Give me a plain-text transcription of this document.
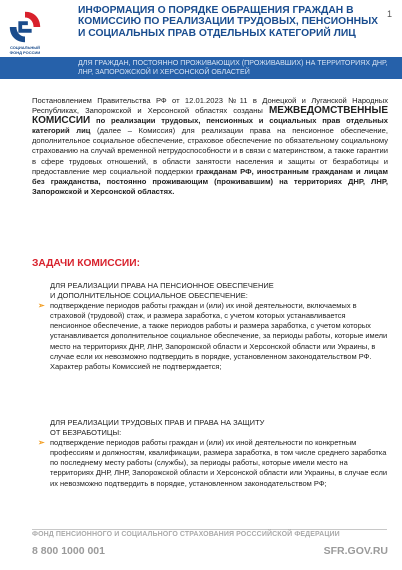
1
СОЦИАЛЬНЫЙ ФОНД РОССИИ
ИНФОРМАЦИЯ О ПОРЯДКЕ ОБРАЩЕНИЯ ГРАЖДАН В КОМИССИЮ ПО РЕАЛИЗАЦИИ ТРУДОВЫХ, ПЕНСИОННЫХ И СОЦИАЛЬНЫХ ПРАВ ОТДЕЛЬНЫХ КАТЕГОРИЙ ЛИЦ
ДЛЯ ГРАЖДАН, ПОСТОЯННО ПРОЖИВАЮЩИХ (ПРОЖИВАВШИХ) НА ТЕРРИТОРИЯХ ДНР, ЛНР, ЗАПОРОЖСКОЙ И ХЕРСОНСКОЙ ОБЛАСТЕЙ
Постановлением Правительства РФ от 12.01.2023 №11 в Донецкой и Луганской Народных Республиках, Запорожской и Херсонской областях созданы МЕЖВЕДОМСТВЕННЫЕ КОМИССИИ по реализации трудовых, пенсионных и социальных прав отдельных категорий лиц (далее – Комиссия) для реализации права на пенсионное обеспечение, дополнительное социальное обеспечение, страховое обеспечение по обязательному социальному страхованию на случай временной нетрудоспособности и в связи с материнством, а также гарантии в сфере трудовых отношений, в области занятости населения и защиты от безработицы и предоставление мер социальной поддержки гражданам РФ, иностранным гражданам и лицам без гражданства, постоянно проживающим (проживавшим) на территориях ДНР, ЛНР, Запорожской и Херсонской областях.
ЗАДАЧИ КОМИССИИ:
ДЛЯ РЕАЛИЗАЦИИ ПРАВА НА ПЕНСИОННОЕ ОБЕСПЕЧЕНИЕ
И ДОПОЛНИТЕЛЬНОЕ СОЦИАЛЬНОЕ ОБЕСПЕЧЕНИЕ:
➢ подтверждение периодов работы граждан и (или) их иной деятельности, включаемых в страховой (трудовой) стаж, и размера заработка, с учетом которых устанавливается пенсионное обеспечение, а также периодов работы и размера заработка, с учетом которых устанавливается дополнительное социальное обеспечение, за периоды работы, которые имели место на территориях ДНР, ЛНР, Запорожской области и Херсонской области или Украины, в случае если их невозможно подтвердить в порядке, установленном законодательством РФ. Характер работы Комиссией не подтверждается;
ДЛЯ РЕАЛИЗАЦИИ ТРУДОВЫХ ПРАВ И ПРАВА НА ЗАЩИТУ
ОТ БЕЗРАБОТИЦЫ:
➢ подтверждение периодов работы граждан и (или) их иной деятельности по конкретным профессиям и должностям, квалификации, размера заработка, в том числе среднего заработка по последнему месту работы (службы), за периоды работы, которые имели место на территориях ДНР, ЛНР, Запорожской области и Херсонской области или Украины, в случае если их невозможно подтвердить в порядке, установленном законодательством РФ;
ФОНД ПЕНСИОННОГО И СОЦИАЛЬНОГО СТРАХОВАНИЯ РОСССИЙСКОЙ ФЕДЕРАЦИИ
8 800 1000 001	SFR.GOV.RU
